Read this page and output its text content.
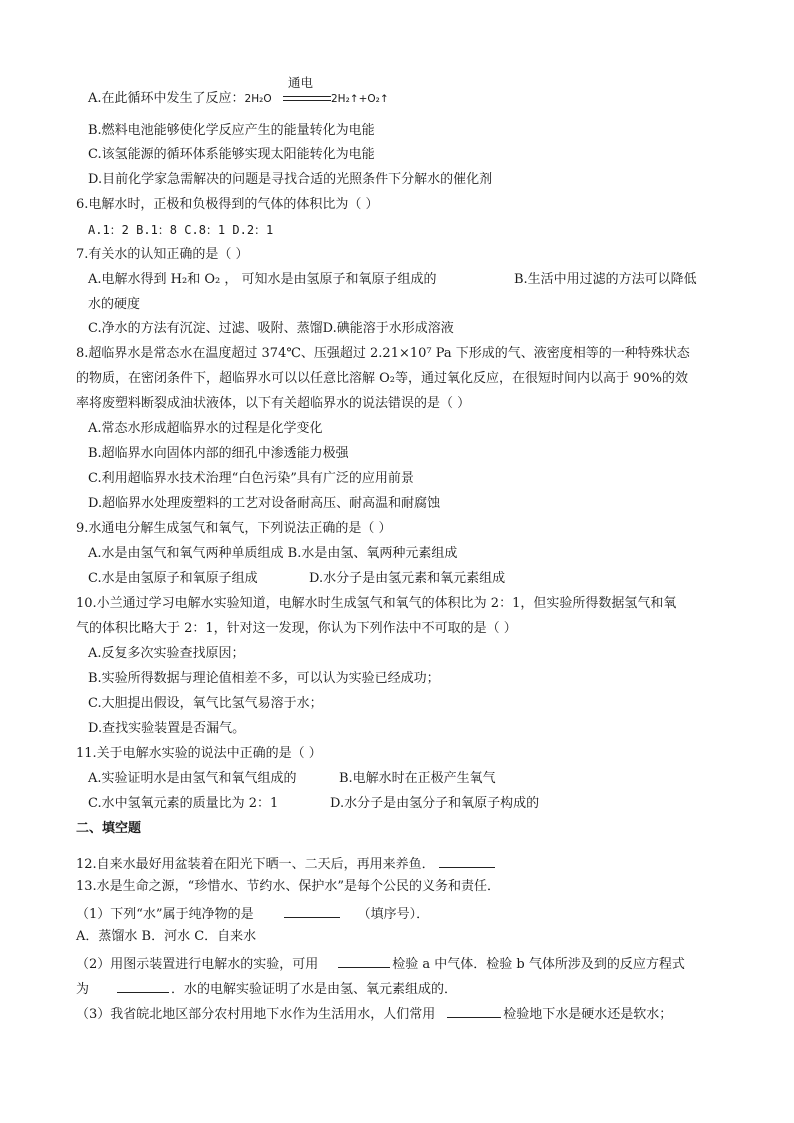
A.在此循环中发生了反应：2H₂O
通电
2H₂↑+O₂↑
B.燃料电池能够使化学反应产生的能量转化为电能
C.该氢能源的循环体系能够实现太阳能转化为电能
D.目前化学家急需解决的问题是寻找合适的光照条件下分解水的催化剂
6.电解水时，正极和负极得到的气体的体积比为（ ）
A.1：2 B.1：8 C.8：1 D.2：1
7.有关水的认知正确的是（ ）
A.电解水得到 H₂和 O₂ ， 可知水是由氢原子和氧原子组成的	B.生活中用过滤的方法可以降低
水的硬度
C.净水的方法有沉淀、过滤、吸附、蒸馏D.碘能溶于水形成溶液
8.超临界水是常态水在温度超过 374℃、压强超过 2.21×10⁷ Pa 下形成的气、液密度相等的一种特殊状态
的物质，在密闭条件下，超临界水可以以任意比溶解 O₂等，通过氧化反应，在很短时间内以高于 90%的效
率将废塑料断裂成油状液体，以下有关超临界水的说法错误的是（ ）
A.常态水形成超临界水的过程是化学变化
B.超临界水向固体内部的细孔中渗透能力极强
C.利用超临界水技术治理“白色污染”具有广泛的应用前景
D.超临界水处理废塑料的工艺对设备耐高压、耐高温和耐腐蚀
9.水通电分解生成氢气和氧气，下列说法正确的是（ ）
A.水是由氢气和氧气两种单质组成 B.水是由氢、氧两种元素组成
C.水是由氢原子和氧原子组成	D.水分子是由氢元素和氧元素组成
10.小兰通过学习电解水实验知道，电解水时生成氢气和氧气的体积比为 2：1，但实验所得数据氢气和氧
气的体积比略大于 2：1，针对这一发现，你认为下列作法中不可取的是（ ）
A.反复多次实验查找原因；
B.实验所得数据与理论值相差不多，可以认为实验已经成功；
C.大胆提出假设，氧气比氢气易溶于水；
D.查找实验装置是否漏气。
11.关于电解水实验的说法中正确的是（ ）
A.实验证明水是由氢气和氧气组成的	B.电解水时在正极产生氧气
C.水中氢氧元素的质量比为 2：1	D.水分子是由氢分子和氧原子构成的
二、填空题
12.自来水最好用盆装着在阳光下晒一、二天后，再用来养鱼．
13.水是生命之源，“珍惜水、节约水、保护水”是每个公民的义务和责任．
（1）下列“水”属于纯净物的是	（填序号）．
A．蒸馏水 B．河水 C．自来水
（2）用图示装置进行电解水的实验，可用	检验 a 中气体．检验 b 气体所涉及到的反应方程式
为	．水的电解实验证明了水是由氢、氧元素组成的．
（3）我省皖北地区部分农村用地下水作为生活用水，人们常用	检验地下水是硬水还是软水；
